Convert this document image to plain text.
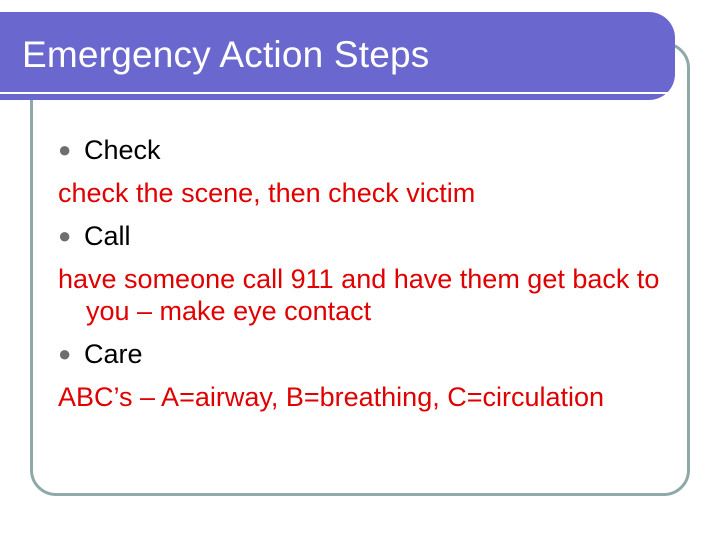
Emergency Action Steps
● Check
check the scene, then check victim
● Call
have someone call 911 and have them get back to you – make eye contact
● Care
ABC’s – A=airway, B=breathing, C=circulation
